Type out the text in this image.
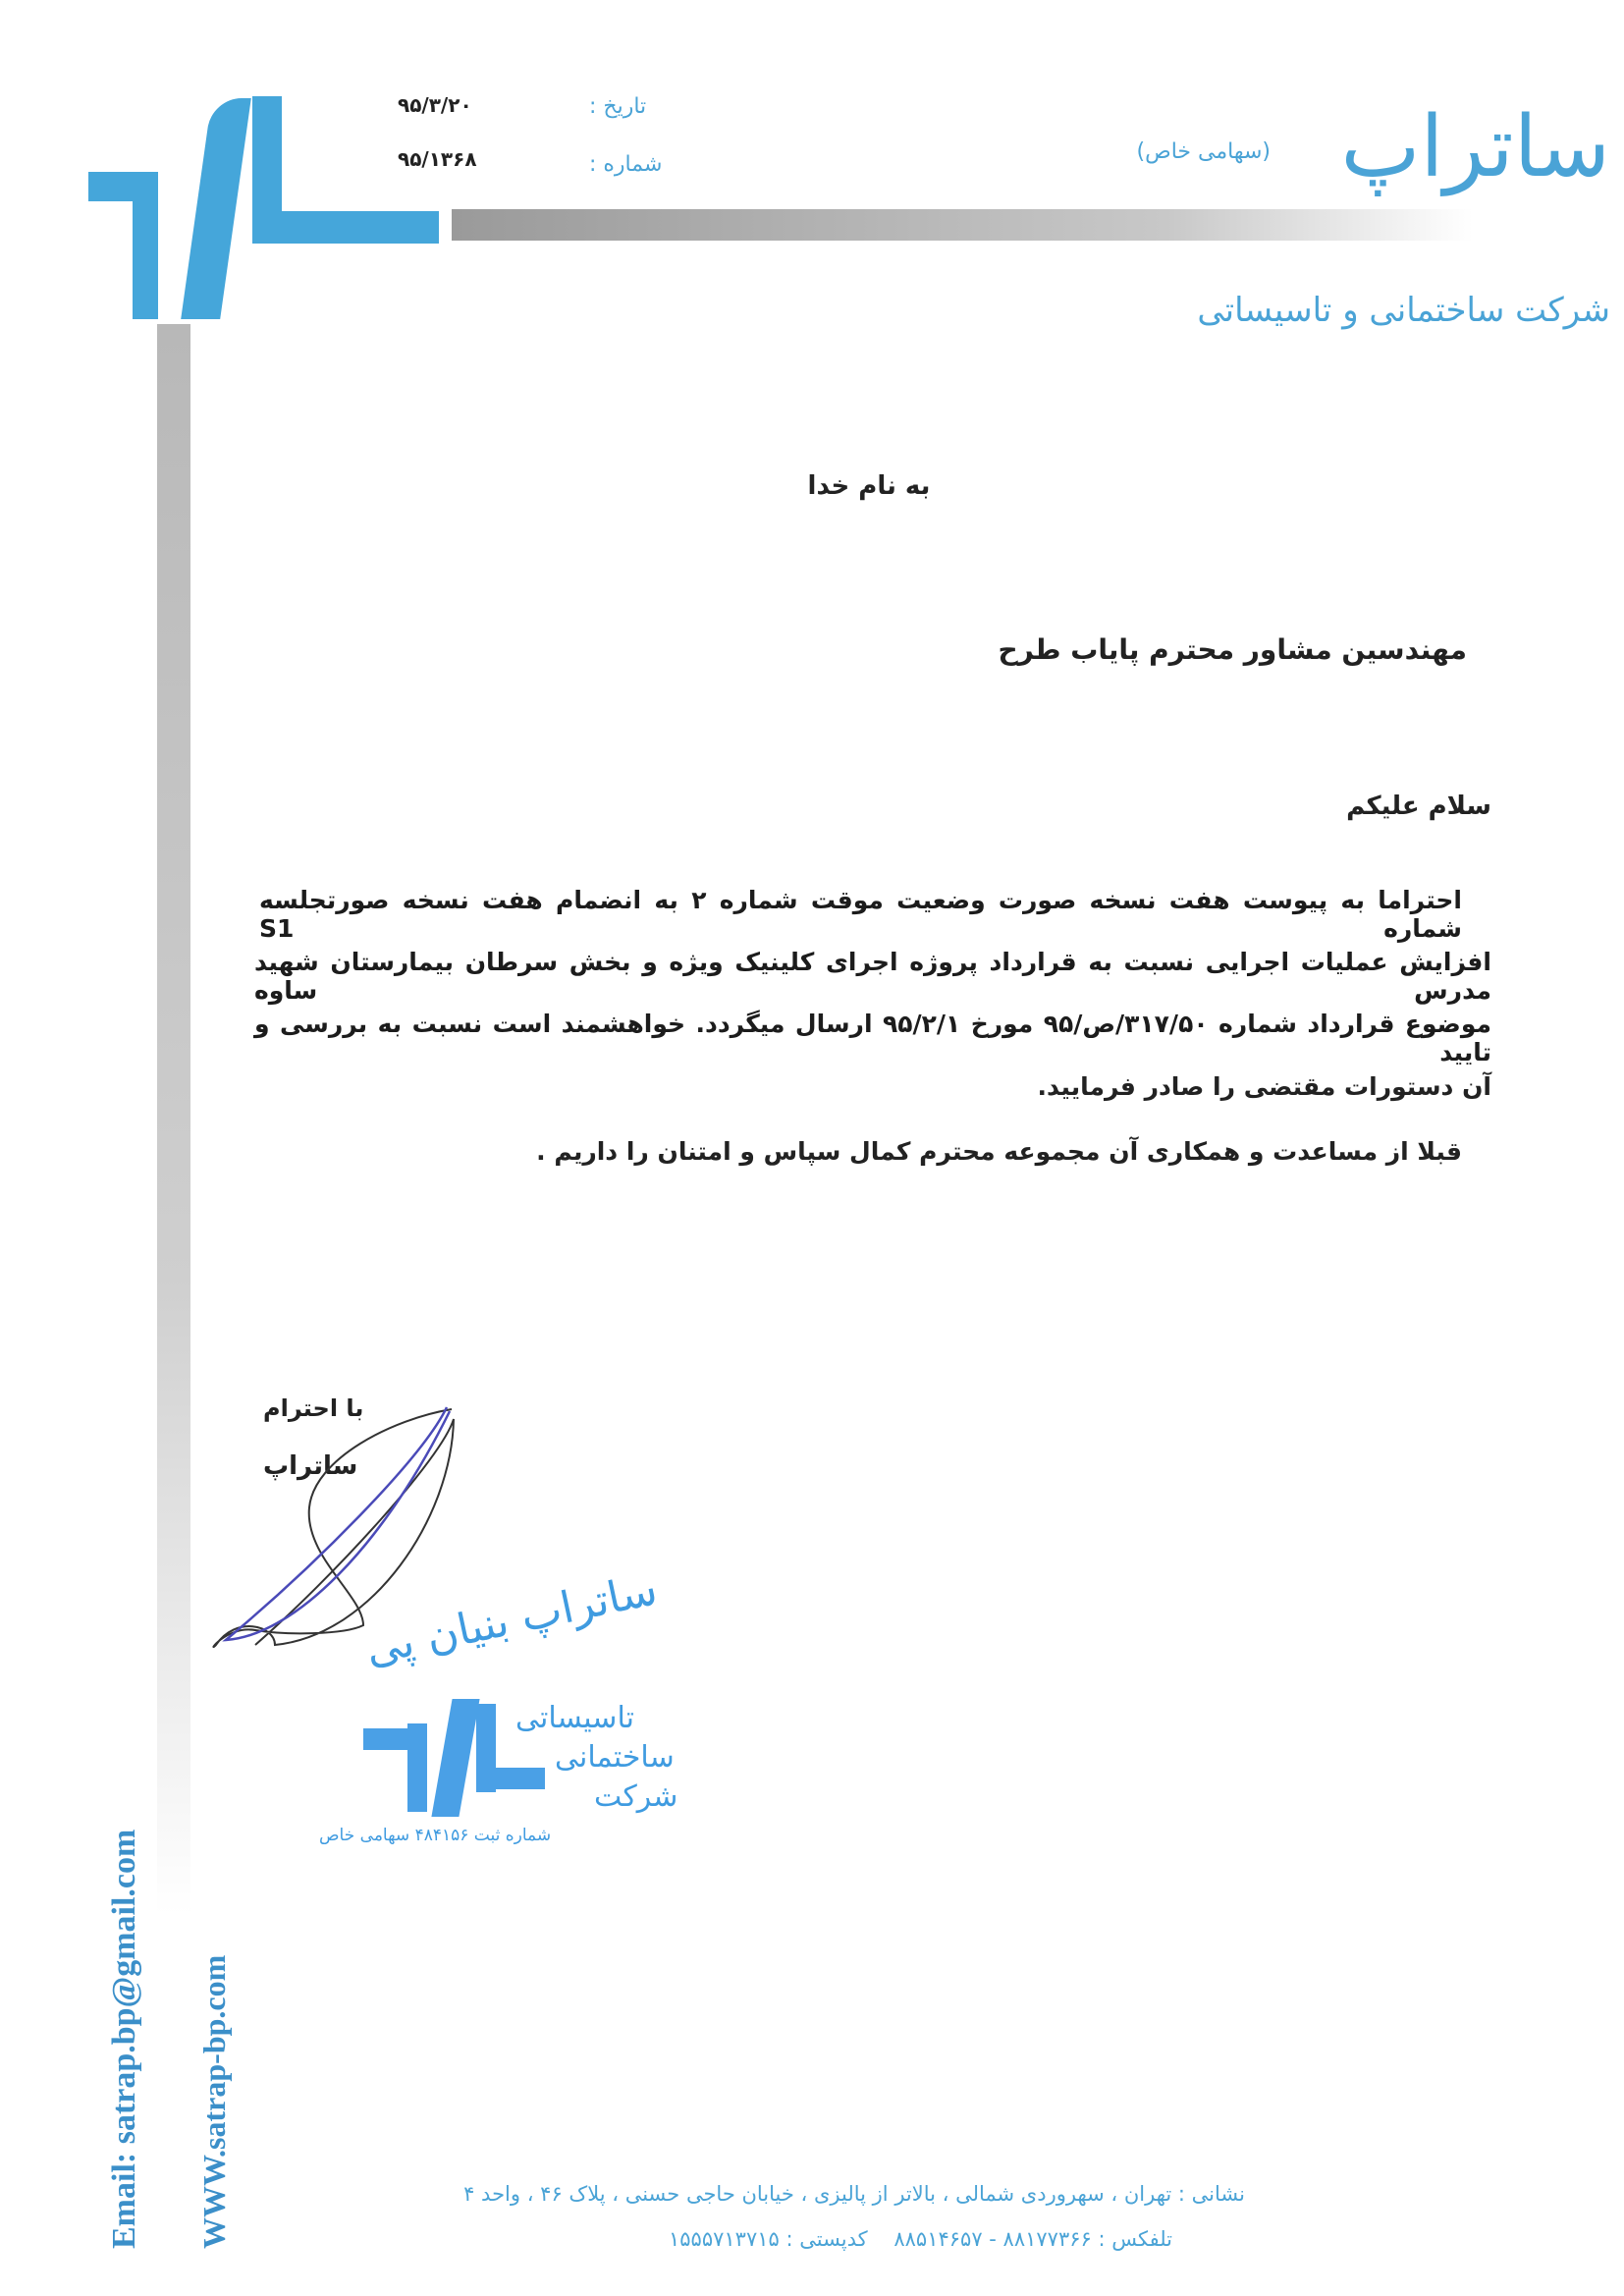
۹۵/۳/۲۰	تاریخ :
۹۵/۱۳۶۸	شماره :	ساتراپ
(سهامی خاص)
شرکت ساختمانی و تاسیساتی
به نام خدا
مهندسین مشاور محترم پایاب طرح
سلام علیکم
احتراما به پیوست هفت نسخه صورت وضعیت موقت شماره ۲ به انضمام هفت نسخه صورتجلسه شماره S1
افزایش عملیات اجرایی نسبت به قرارداد پروژه اجرای کلینیک ویژه و بخش سرطان بیمارستان شهید مدرس ساوه
موضوع قرارداد شماره ۳۱۷/۵۰/ص/۹۵ مورخ ۹۵/۲/۱ ارسال میگردد. خواهشمند است نسبت به بررسی و تایید
آن دستورات مقتضی را صادر فرمایید.
قبلا از مساعدت و همکاری آن مجموعه محترم کمال سپاس و امتنان را داریم .
با احترام
ساتراپ
ساتراپ بنیان پی
تاسیساتی
ساختمانی
شرکت
شماره ثبت ۴۸۴۱۵۶ سهامی خاص
Email: satrap.bp@gmail.com WWW.satrap-bp.com	نشانی : تهران ، سهروردی شمالی ، بالاتر از پالیزی ، خیابان حاجی حسنی ، پلاک ۴۶ ، واحد ۴
تلفکس : ۸۸۱۷۷۳۶۶ - ۸۸۵۱۴۶۵۷    کدپستی : ۱۵۵۵۷۱۳۷۱۵
